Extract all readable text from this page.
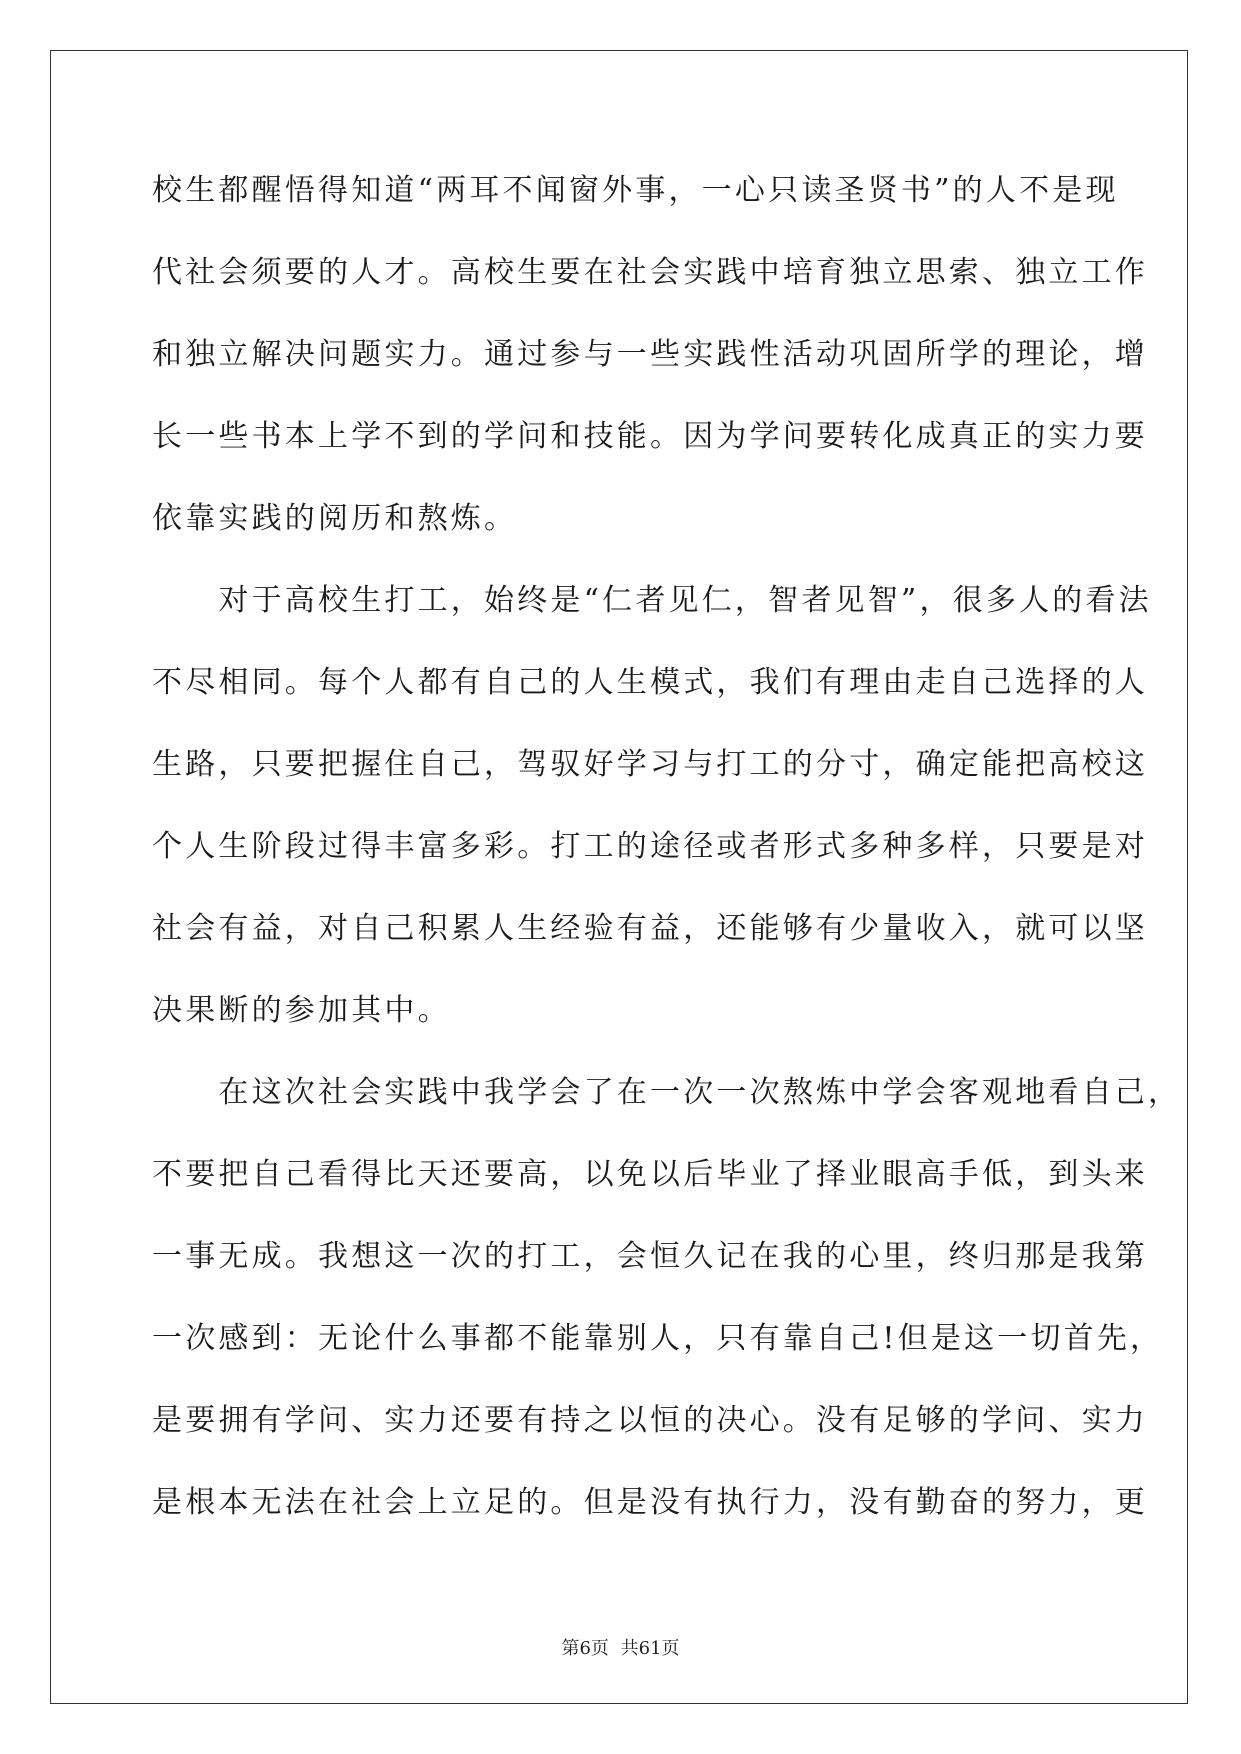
校生都醒悟得知道“两耳不闻窗外事，一心只读圣贤书”的人不是现
代社会须要的人才。高校生要在社会实践中培育独立思索、独立工作
和独立解决问题实力。通过参与一些实践性活动巩固所学的理论，增
长一些书本上学不到的学问和技能。因为学问要转化成真正的实力要
依靠实践的阅历和熬炼。
　　对于高校生打工，始终是“仁者见仁，智者见智”，很多人的看法
不尽相同。每个人都有自己的人生模式，我们有理由走自己选择的人
生路，只要把握住自己，驾驭好学习与打工的分寸，确定能把高校这
个人生阶段过得丰富多彩。打工的途径或者形式多种多样，只要是对
社会有益，对自己积累人生经验有益，还能够有少量收入，就可以坚
决果断的参加其中。
　　在这次社会实践中我学会了在一次一次熬炼中学会客观地看自己，
不要把自己看得比天还要高，以免以后毕业了择业眼高手低，到头来
一事无成。我想这一次的打工，会恒久记在我的心里，终归那是我第
一次感到：无论什么事都不能靠别人，只有靠自己!但是这一切首先，
是要拥有学问、实力还要有持之以恒的决心。没有足够的学问、实力
是根本无法在社会上立足的。但是没有执行力，没有勤奋的努力，更
第6页 共61页
